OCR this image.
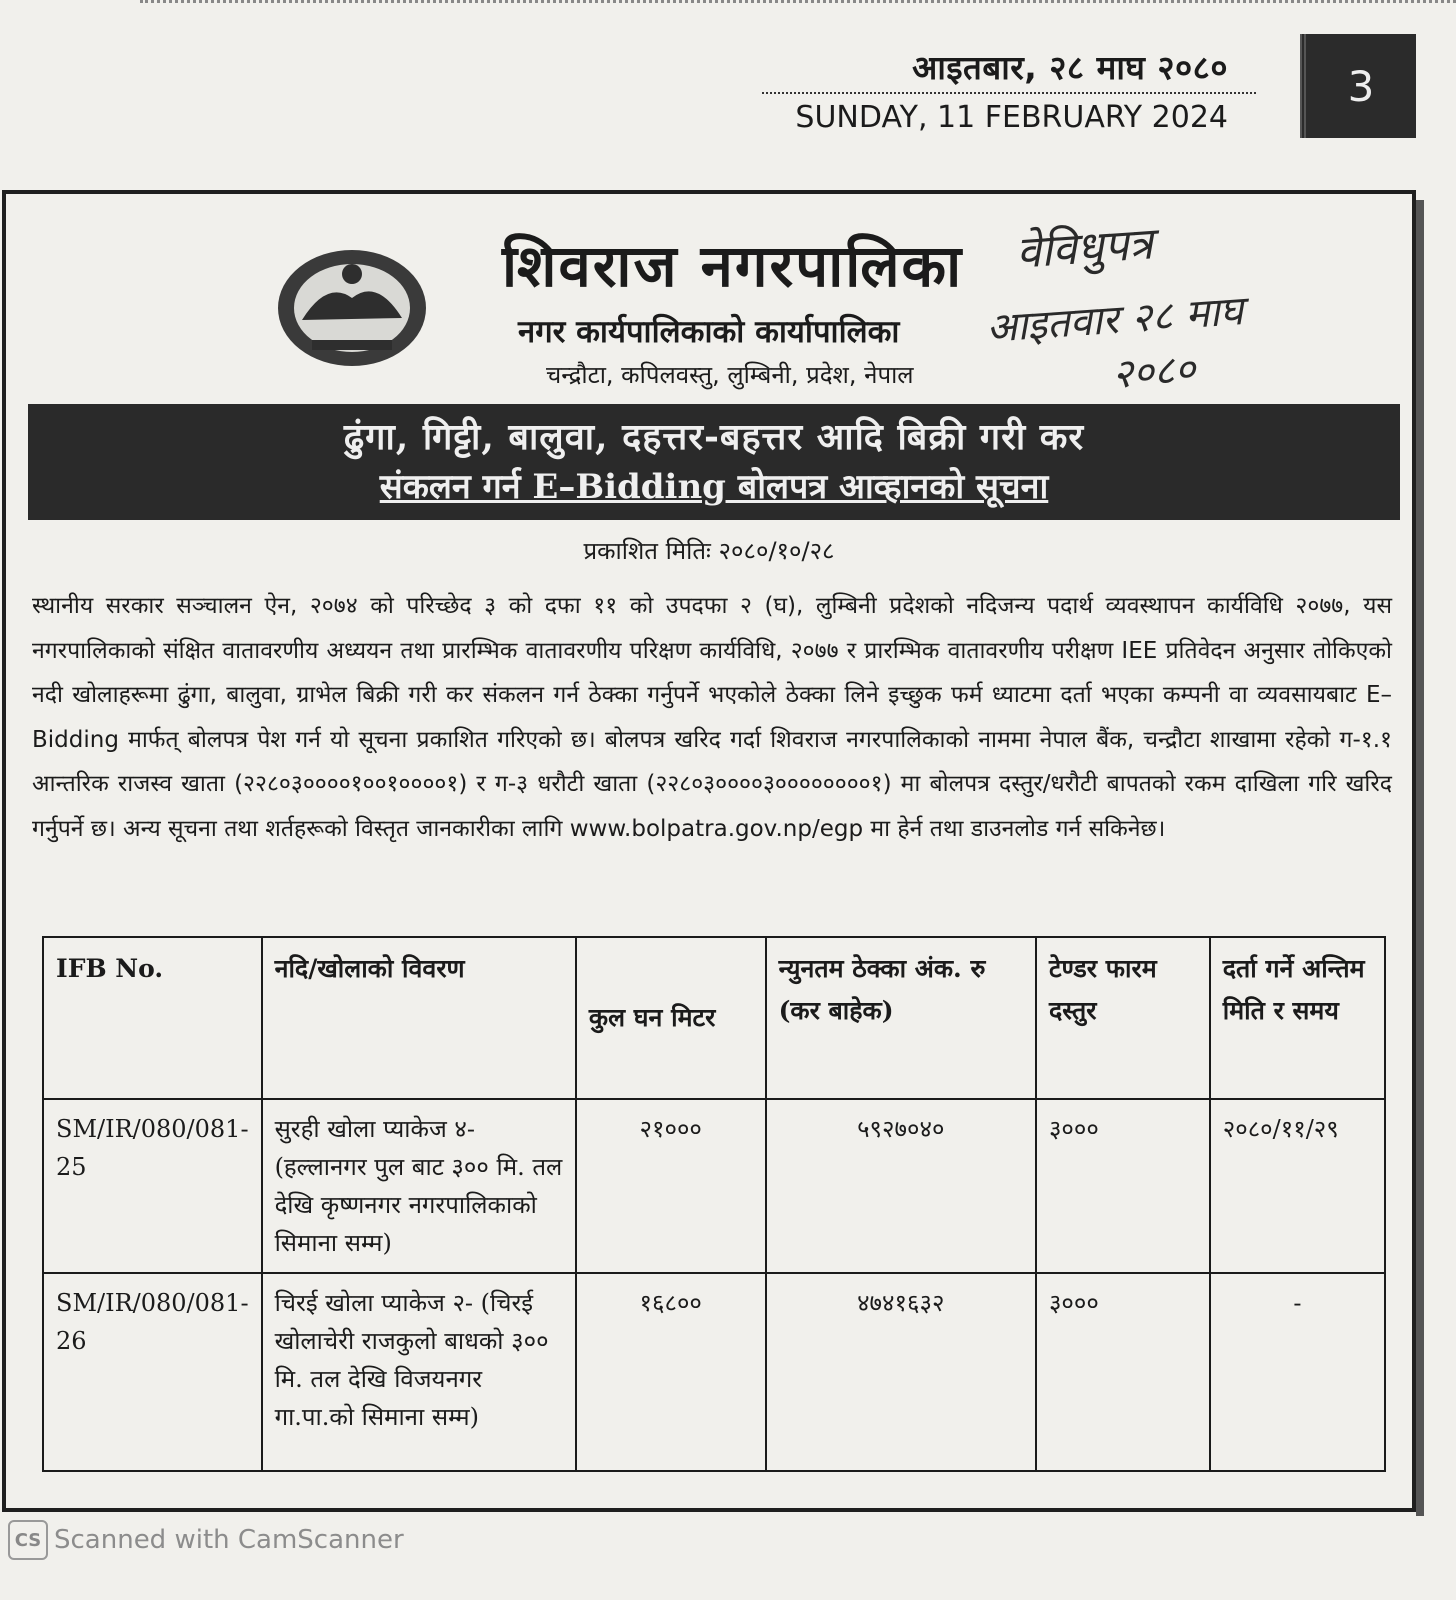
आइतबार, २८ माघ २०८०
SUNDAY, 11 FEBRUARY 2024
3
शिवराज नगरपालिका
नगर कार्यपालिकाको कार्यापालिका
चन्द्रौटा, कपिलवस्तु, लुम्बिनी, प्रदेश, नेपाल
वेविधुपत्र
आइतवार २८ माघ
२०८०
ढुंगा, गिट्टी, बालुवा, दहत्तर-बहत्तर आदि बिक्री गरी कर
संकलन गर्न E–Bidding बोलपत्र आव्हानको सूचना
प्रकाशित मितिः २०८०/१०/२८
स्थानीय सरकार सञ्चालन ऐन, २०७४ को परिच्छेद ३ को दफा ११ को उपदफा २ (घ), लुम्बिनी प्रदेशको नदिजन्य पदार्थ व्यवस्थापन कार्यविधि २०७७, यस नगरपालिकाको संक्षित वातावरणीय अध्ययन तथा प्रारम्भिक वातावरणीय परिक्षण कार्यविधि, २०७७ र प्रारम्भिक वातावरणीय परीक्षण IEE प्रतिवेदन अनुसार तोकिएको नदी खोलाहरूमा ढुंगा, बालुवा, ग्राभेल बिक्री गरी कर संकलन गर्न ठेक्का गर्नुपर्ने भएकोले ठेक्का लिने इच्छुक फर्म ध्याटमा दर्ता भएका कम्पनी वा व्यवसायबाट E–Bidding मार्फत् बोलपत्र पेश गर्न यो सूचना प्रकाशित गरिएको छ। बोलपत्र खरिद गर्दा शिवराज नगरपालिकाको नाममा नेपाल बैंक, चन्द्रौटा शाखामा रहेको ग-१.१ आन्तरिक राजस्व खाता (२२८०३००००१००१००००१) र ग-३ धरौटी खाता (२२८०३००००३००००००००१) मा बोलपत्र दस्तुर/धरौटी बापतको रकम दाखिला गरि खरिद गर्नुपर्ने छ। अन्य सूचना तथा शर्तहरूको विस्तृत जानकारीका लागि www.bolpatra.gov.np/egp मा हेर्न तथा डाउनलोड गर्न सकिनेछ।
IFB No.	नदि/खोलाको विवरण	कुल घन मिटर	न्युनतम ठेक्का अंक. रु (कर बाहेक)	टेण्डर फारम दस्तुर	दर्ता गर्ने अन्तिम मिति र समय
SM/IR/080/081-25	सुरही खोला प्याकेज ४- (हल्लानगर पुल बाट ३०० मि. तल देखि कृष्णनगर नगरपालिकाको सिमाना सम्म)	२१०००	५९२७०४०	३०००	२०८०/११/२९
SM/IR/080/081-26	चिरई खोला प्याकेज २- (चिरई खोलाचेरी राजकुलो बाधको ३०० मि. तल देखि विजयनगर गा.पा.को सिमाना सम्म)	१६८००	४७४१६३२	३०००	-
CS Scanned with CamScanner
